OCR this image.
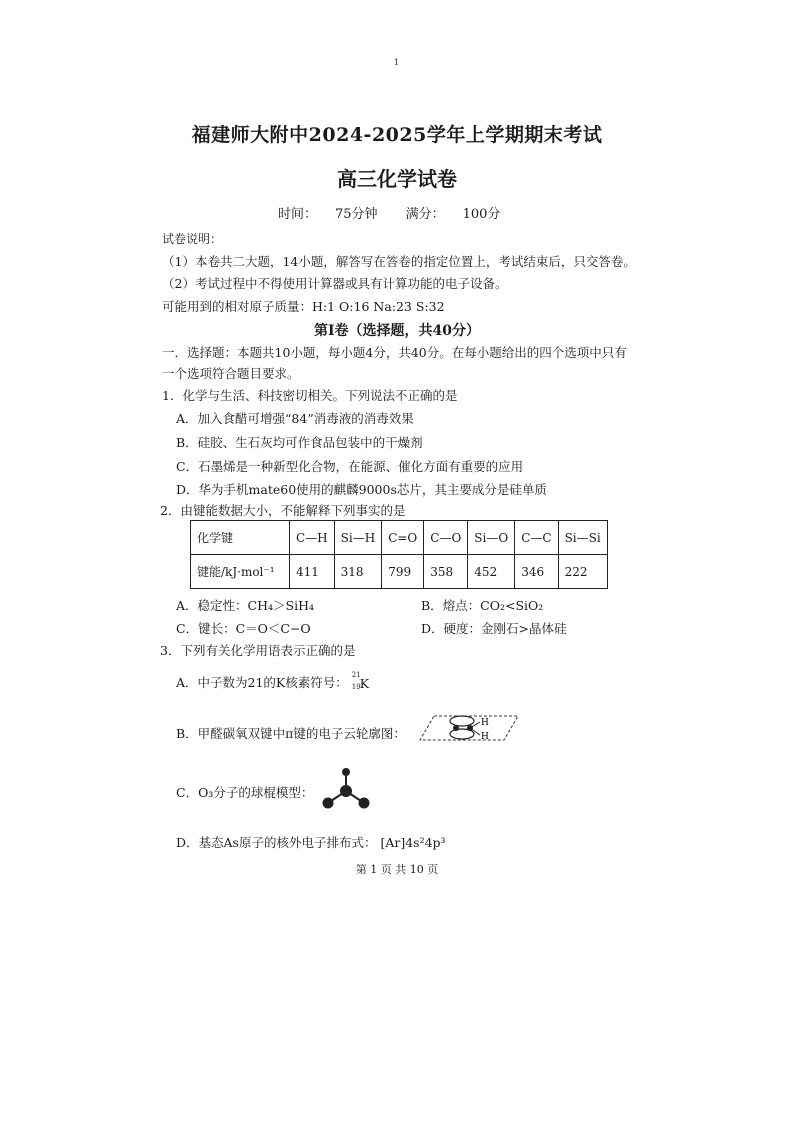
1
福建师大附中2024-2025学年上学期期末考试
高三化学试卷
时间： 75分钟 满分： 100分
试卷说明：
（1）本卷共二大题，14小题，解答写在答卷的指定位置上，考试结束后，只交答卷。
（2）考试过程中不得使用计算器或具有计算功能的电子设备。
可能用到的相对原子质量：H:1 O:16 Na:23 S:32
第Ⅰ卷（选择题，共40分）
一．选择题：本题共10小题，每小题4分，共40分。在每小题给出的四个选项中只有
一个选项符合题目要求。
1．化学与生活、科技密切相关。下列说法不正确的是
A．加入食醋可增强“84”消毒液的消毒效果
B．硅胶、生石灰均可作食品包装中的干燥剂
C．石墨烯是一种新型化合物，在能源、催化方面有重要的应用
D．华为手机mate60使用的麒麟9000s芯片，其主要成分是硅单质
2．由键能数据大小，不能解释下列事实的是
化学键	C—H	Si—H	C=O	C—O	Si—O	C—C	Si—Si
键能/kJ·mol⁻¹	411	318	799	358	452	346	222
A．稳定性：CH₄＞SiH₄	B．熔点：CO₂<SiO₂
C．键长：C＝O＜C−O	D．硬度：金刚石>晶体硅
3．下列有关化学用语表示正确的是
A．中子数为21的K核素符号：
21
19 K
B．甲醛碳氧双键中π键的电子云轮廓图：
H
H
C．O₃分子的球棍模型：
D．基态As原子的核外电子排布式： [Ar]4s²4p³
第 1 页 共 10 页
